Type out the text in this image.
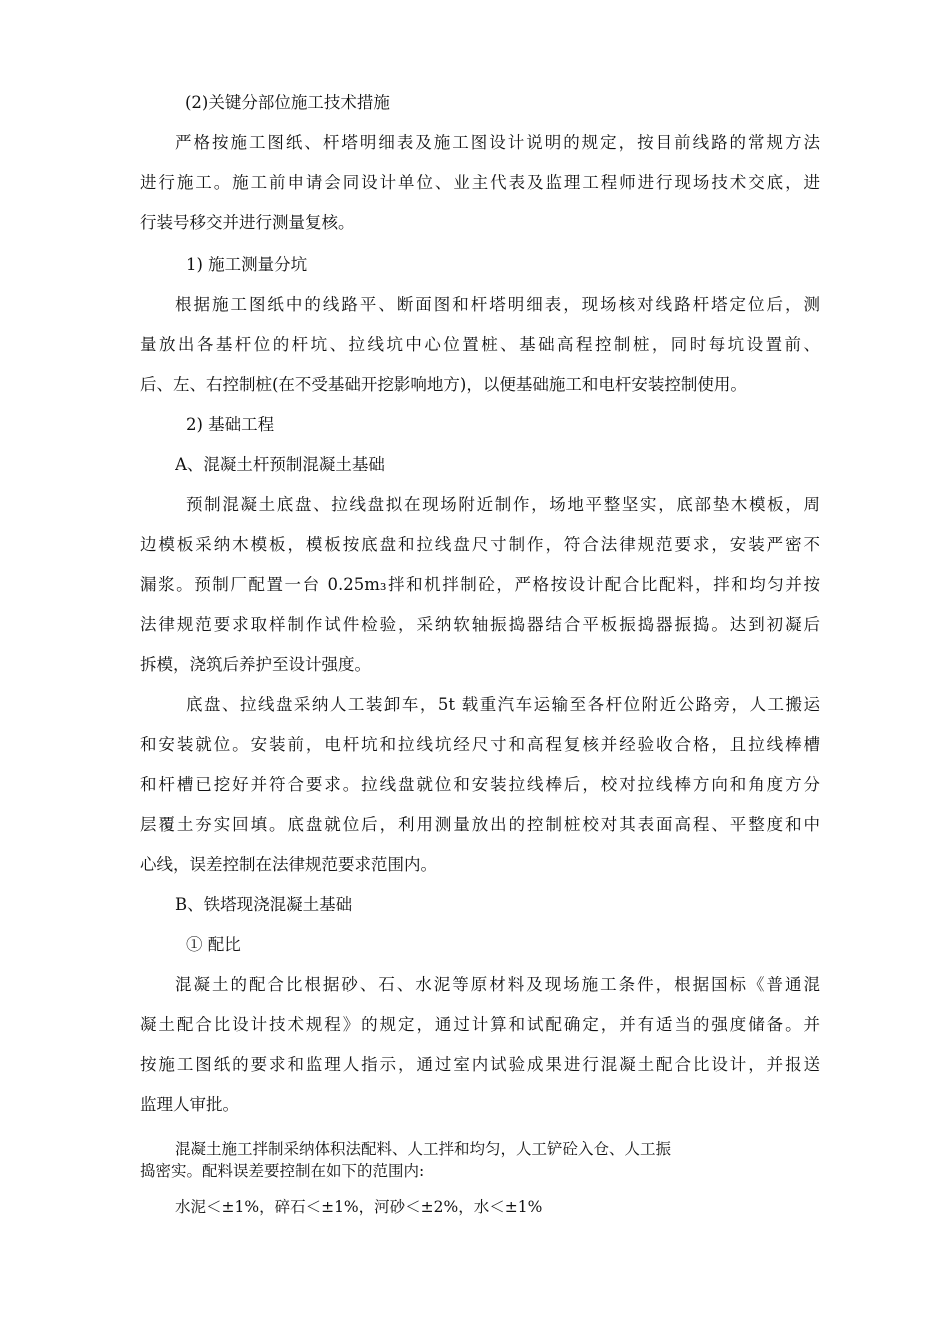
(2)关键分部位施工技术措施
严格按施工图纸、杆塔明细表及施工图设计说明的规定，按目前线路的常规方法
进行施工。施工前申请会同设计单位、业主代表及监理工程师进行现场技术交底，进
行装号移交并进行测量复核。
1) 施工测量分坑
根据施工图纸中的线路平、断面图和杆塔明细表，现场核对线路杆塔定位后，测
量放出各基杆位的杆坑、拉线坑中心位置桩、基础高程控制桩，同时每坑设置前、
后、左、右控制桩(在不受基础开挖影响地方)，以便基础施工和电杆安装控制使用。
2) 基础工程
A、混凝土杆预制混凝土基础
预制混凝土底盘、拉线盘拟在现场附近制作，场地平整坚实，底部垫木模板，周
边模板采纳木模板，模板按底盘和拉线盘尺寸制作，符合法律规范要求，安装严密不
漏浆。预制厂配置一台 0.25m₃拌和机拌制砼，严格按设计配合比配料，拌和均匀并按
法律规范要求取样制作试件检验，采纳软轴振捣器结合平板振捣器振捣。达到初凝后
拆模，浇筑后养护至设计强度。
底盘、拉线盘采纳人工装卸车，5t 载重汽车运输至各杆位附近公路旁，人工搬运
和安装就位。安装前，电杆坑和拉线坑经尺寸和高程复核并经验收合格，且拉线棒槽
和杆槽已挖好并符合要求。拉线盘就位和安装拉线棒后，校对拉线棒方向和角度方分
层覆土夯实回填。底盘就位后，利用测量放出的控制桩校对其表面高程、平整度和中
心线，误差控制在法律规范要求范围内。
B、铁塔现浇混凝土基础
① 配比
混凝土的配合比根据砂、石、水泥等原材料及现场施工条件，根据国标《普通混
凝土配合比设计技术规程》的规定，通过计算和试配确定，并有适当的强度储备。并
按施工图纸的要求和监理人指示，通过室内试验成果进行混凝土配合比设计，并报送
监理人审批。
混凝土施工拌制采纳体积法配料、人工拌和均匀，人工铲砼入仓、人工振
捣密实。配料误差要控制在如下的范围内:
水泥＜±1%，碎石＜±1%，河砂＜±2%，水＜±1%
